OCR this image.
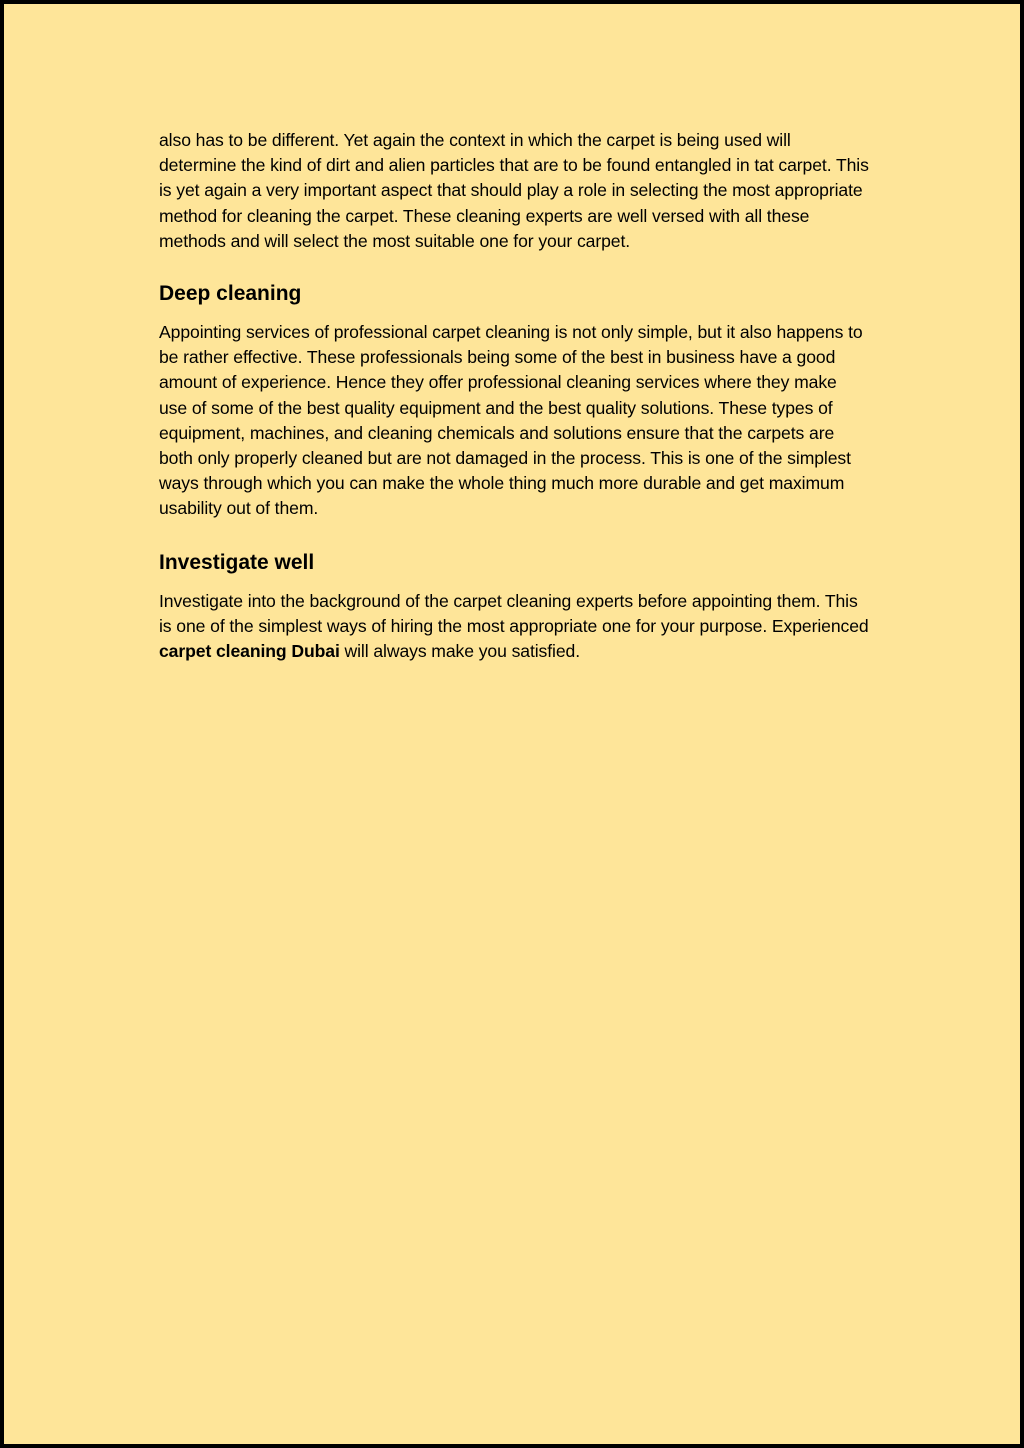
also has to be different. Yet again the context in which the carpet is being used will determine the kind of dirt and alien particles that are to be found entangled in tat carpet. This is yet again a very important aspect that should play a role in selecting the most appropriate method for cleaning the carpet. These cleaning experts are well versed with all these methods and will select the most suitable one for your carpet.

Deep cleaning

Appointing services of professional carpet cleaning is not only simple, but it also happens to be rather effective. These professionals being some of the best in business have a good amount of experience. Hence they offer professional cleaning services where they make use of some of the best quality equipment and the best quality solutions. These types of equipment, machines, and cleaning chemicals and solutions ensure that the carpets are both only properly cleaned but are not damaged in the process. This is one of the simplest ways through which you can make the whole thing much more durable and get maximum usability out of them.

Investigate well

Investigate into the background of the carpet cleaning experts before appointing them. This is one of the simplest ways of hiring the most appropriate one for your purpose. Experienced carpet cleaning Dubai will always make you satisfied.
